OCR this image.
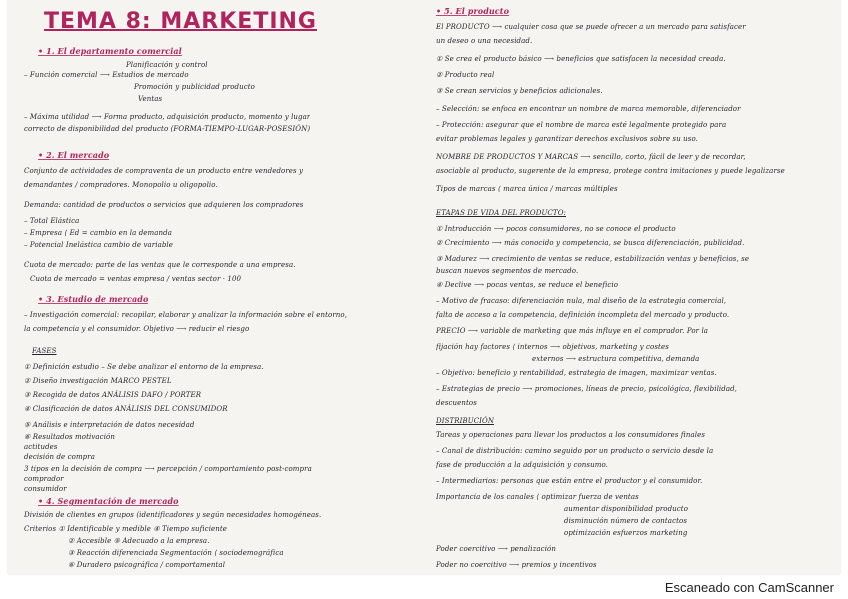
TEMA 8: MARKETING
• 1. El departamento comercial
Planificación y control
– Función comercial ⟶ Estudios de mercado
Promoción y publicidad producto
Ventas
– Máxima utilidad ⟶ Forma producto, adquisición producto, momento y lugar
correcto de disponibilidad del producto (FORMA-TIEMPO-LUGAR-POSESIÓN)
• 2. El mercado
Conjunto de actividades de compraventa de un producto entre vendedores y
demandantes / compradores. Monopolio u oligopolio.
Demanda: cantidad de productos o servicios que adquieren los compradores
– Total Elástica
– Empresa ⟨ Ed = cambio en la demanda
– Potencial Inelástica cambio de variable
Cuota de mercado: parte de las ventas que le corresponde a una empresa.
Cuota de mercado = ventas empresa / ventas sector · 100
• 3. Estudio de mercado
– Investigación comercial: recopilar, elaborar y analizar la información sobre el entorno,
la competencia y el consumidor. Objetivo ⟶ reducir el riesgo
FASES
① Definición estudio – Se debe analizar el entorno de la empresa.
② Diseño investigación MARCO PESTEL
③ Recogida de datos ANÁLISIS DAFO / PORTER
④ Clasificación de datos ANÁLISIS DEL CONSUMIDOR
⑤ Análisis e interpretación de datos necesidad
⑥ Resultados motivación
actitudes
decisión de compra
3 tipos en la decisión de compra ⟶ percepción / comportamiento post-compra
comprador
consumidor
• 4. Segmentación de mercado
División de clientes en grupos (identificadores y según necesidades homogéneas.
Criterios ① Identificable y medible ④ Tiempo suficiente
② Accesible ⑤ Adecuado a la empresa.
③ Reacción diferenciada Segmentación ⟨ sociodemográfica
⑥ Duradero psicográfica / comportamental
• 5. El producto
El PRODUCTO ⟶ cualquier cosa que se puede ofrecer a un mercado para satisfacer
un deseo o una necesidad.
① Se crea el producto básico ⟶ beneficios que satisfacen la necesidad creada.
② Producto real
③ Se crean servicios y beneficios adicionales.
– Selección: se enfoca en encontrar un nombre de marca memorable, diferenciador
– Protección: asegurar que el nombre de marca esté legalmente protegido para
evitar problemas legales y garantizar derechos exclusivos sobre su uso.
NOMBRE DE PRODUCTOS Y MARCAS ⟶ sencillo, corto, fácil de leer y de recordar,
asociable al producto, sugerente de la empresa, protege contra imitaciones y puede legalizarse
Tipos de marcas ⟨ marca única / marcas múltiples
ETAPAS DE VIDA DEL PRODUCTO:
① Introducción ⟶ pocos consumidores, no se conoce el producto
② Crecimiento ⟶ más conocido y competencia, se busca diferenciación, publicidad.
③ Madurez ⟶ crecimiento de ventas se reduce, estabilización ventas y beneficios, se
buscan nuevos segmentos de mercado.
④ Declive ⟶ pocas ventas, se reduce el beneficio
– Motivo de fracaso: diferenciación nula, mal diseño de la estrategia comercial,
falta de acceso a la competencia, definición incompleta del mercado y producto.
PRECIO ⟶ variable de marketing que más influye en el comprador. Por la
fijación hay factores ⟨ internos ⟶ objetivos, marketing y costes
externos ⟶ estructura competitiva, demanda
– Objetivo: beneficio y rentabilidad, estrategia de imagen, maximizar ventas.
– Estrategias de precio ⟶ promociones, líneas de precio, psicológica, flexibilidad,
descuentos
DISTRIBUCIÓN
Tareas y operaciones para llevar los productos a los consumidores finales
– Canal de distribución: camino seguido por un producto o servicio desde la
fase de producción a la adquisición y consumo.
– Intermediarios: personas que están entre el productor y el consumidor.
Importancia de los canales ⟨ optimizar fuerza de ventas
aumentar disponibilidad producto
disminución número de contactos
optimización esfuerzos marketing
Poder coercitivo ⟶ penalización
Poder no coercitivo ⟶ premios y incentivos
Escaneado con CamScanner
